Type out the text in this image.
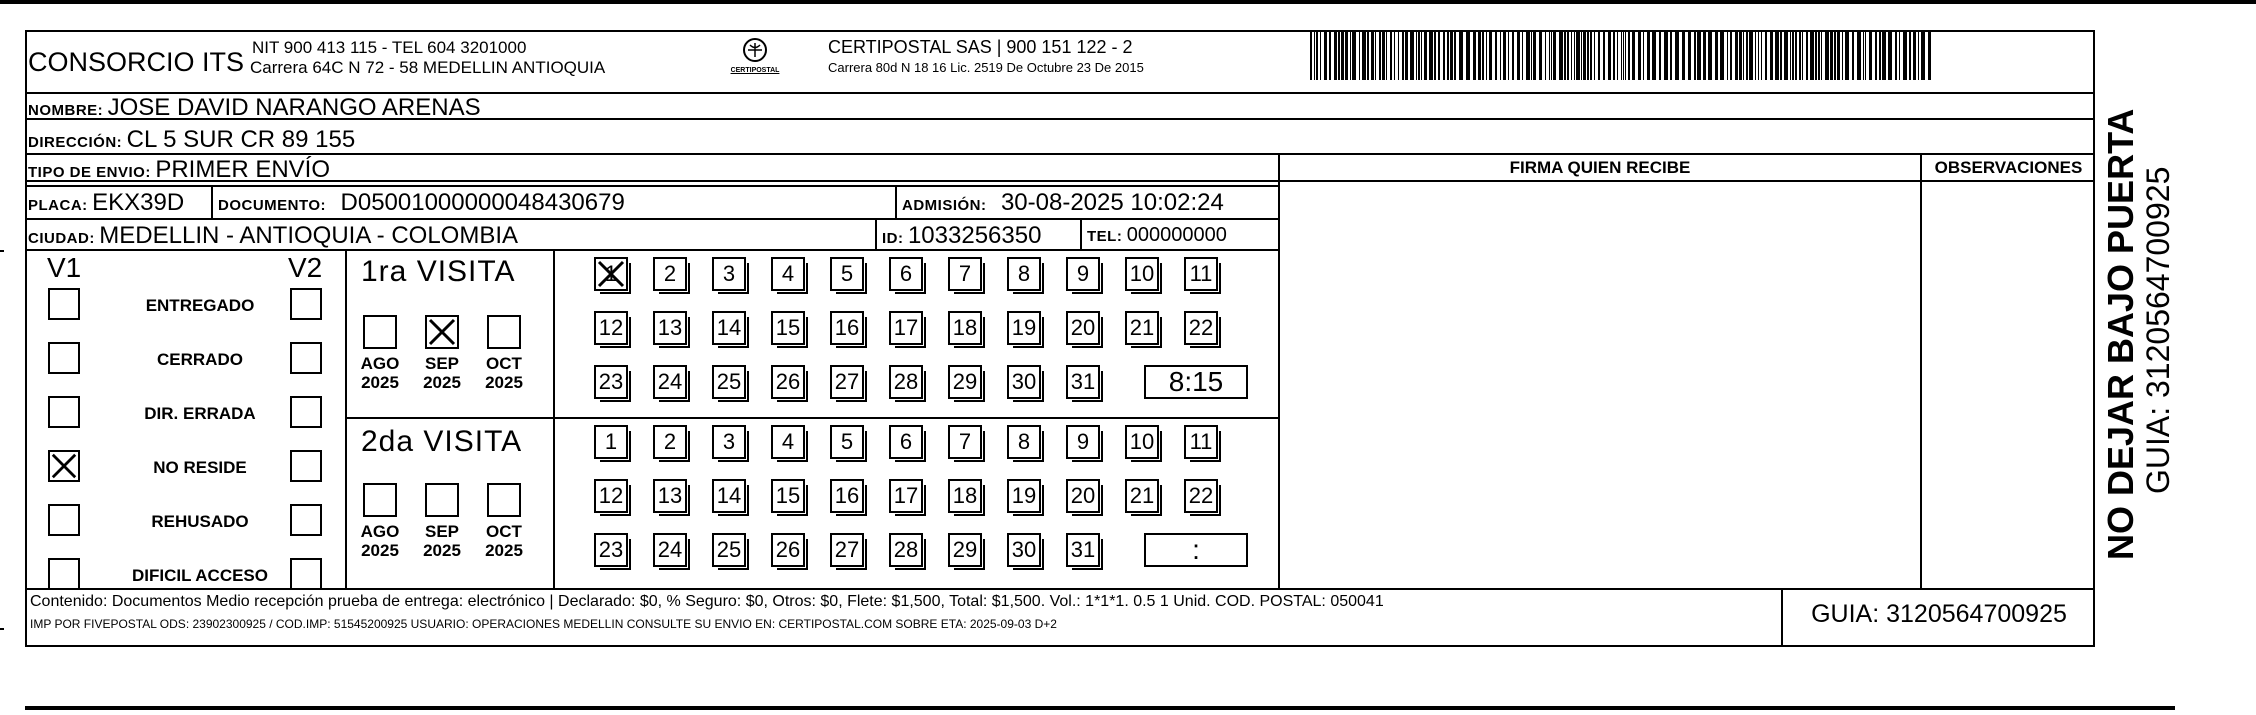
CONSORCIO ITS NIT 900 413 115 - TEL 604 3201000
Carrera 64C N 72 - 58 MEDELLIN ANTIOQUIA	CERTIPOSTAL
CERTIPOSTAL SAS | 900 151 122 - 2
Carrera 80d N 18 16 Lic. 2519 De Octubre 23 De 2015
NOMBRE: JOSE DAVID NARANGO ARENAS
DIRECCIÓN: CL 5 SUR CR 89 155
TIPO DE ENVIO: PRIMER ENVÍO
PLACA: EKX39D DOCUMENTO: D05001000000048430679	ADMISIÓN: 30-08-2025 10:02:24
CIUDAD: MEDELLIN - ANTIOQUIA - COLOMBIA	ID: 1033256350	TEL: 000000000
FIRMA QUIEN RECIBE	OBSERVACIONES
V1	V2
ENTREGADO
CERRADO
DIR. ERRADA
NO RESIDE
REHUSADO
DIFICIL ACCESO
1ra VISITA
AGO
2025
SEP
2025
OCT
2025
1	2	3	4	5	6	7	8	9	10 11
12 13 14 15 16 17 18 19 20 21 22
23 24 25 26 27 28 29 30 31	8:15
2da VISITA
AGO
2025
SEP
2025
OCT
2025
1	2	3	4	5	6	7	8	9	10 11
12 13 14 15 16 17 18 19 20 21 22
23 24 25 26 27 28 29 30 31	:
Contenido: Documentos Medio recepción prueba de entrega: electrónico | Declarado: $0, % Seguro: $0, Otros: $0, Flete: $1,500, Total: $1,500. Vol.: 1*1*1. 0.5 1 Unid. COD. POSTAL: 050041
IMP POR FIVEPOSTAL ODS: 23902300925 / COD.IMP: 51545200925 USUARIO: OPERACIONES MEDELLIN CONSULTE SU ENVIO EN: CERTIPOSTAL.COM SOBRE ETA: 2025-09-03 D+2	GUIA: 3120564700925
NO DEJAR BAJO PUERTA GUIA: 3120564700925
